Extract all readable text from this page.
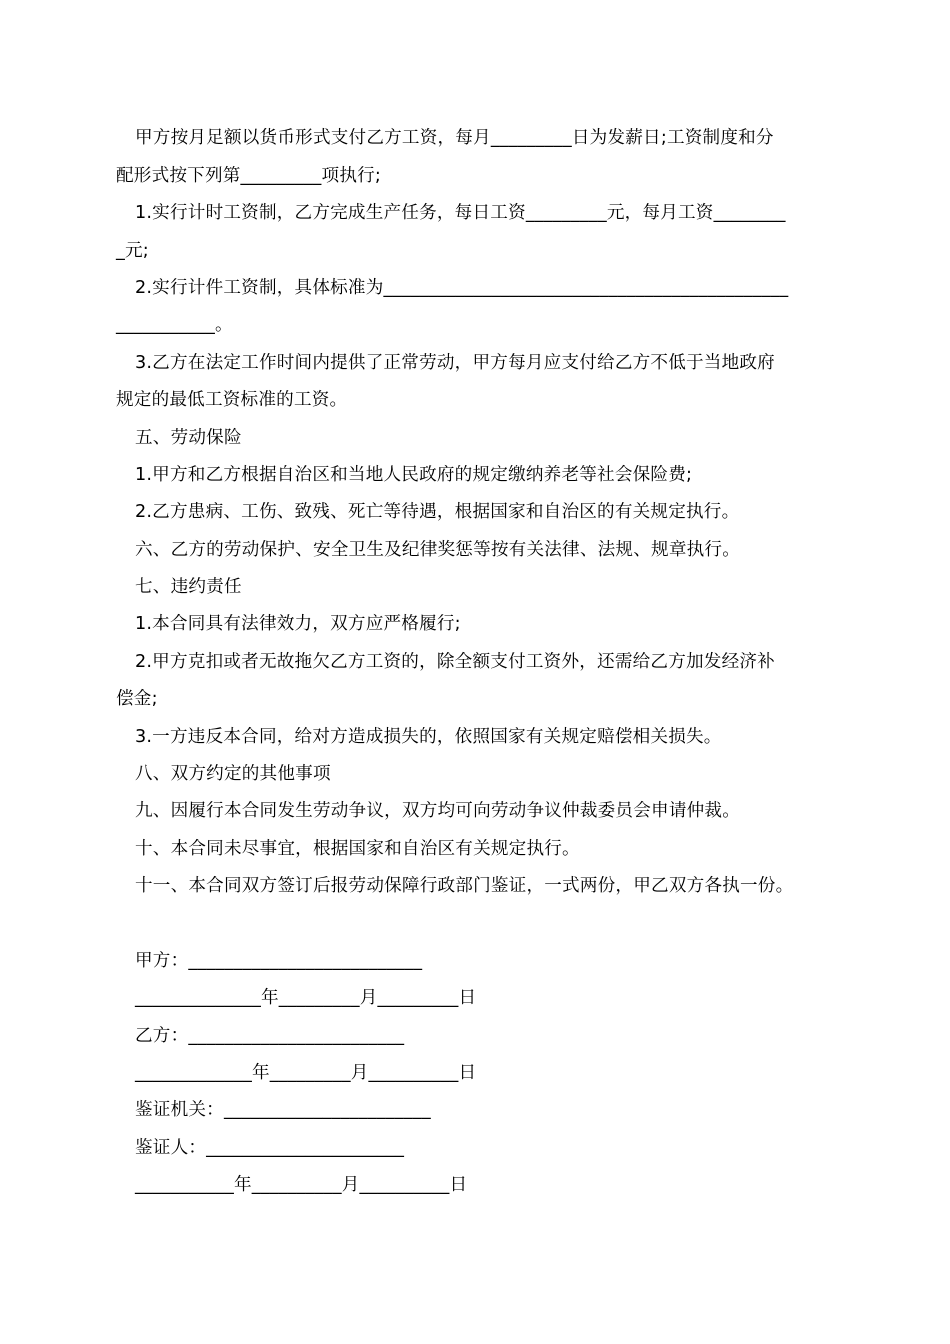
甲方按月足额以货币形式支付乙方工资，每月_________日为发薪日;工资制度和分
配形式按下列第_________项执行;
1.实行计时工资制，乙方完成生产任务，每日工资_________元，每月工资________
_元;
2.实行计件工资制，具体标准为_____________________________________________
___________。
3.乙方在法定工作时间内提供了正常劳动，甲方每月应支付给乙方不低于当地政府
规定的最低工资标准的工资。
五、劳动保险
1.甲方和乙方根据自治区和当地人民政府的规定缴纳养老等社会保险费;
2.乙方患病、工伤、致残、死亡等待遇，根据国家和自治区的有关规定执行。
六、乙方的劳动保护、安全卫生及纪律奖惩等按有关法律、法规、规章执行。
七、违约责任
1.本合同具有法律效力，双方应严格履行;
2.甲方克扣或者无故拖欠乙方工资的，除全额支付工资外，还需给乙方加发经济补
偿金;
3.一方违反本合同，给对方造成损失的，依照国家有关规定赔偿相关损失。
八、双方约定的其他事项
九、因履行本合同发生劳动争议，双方均可向劳动争议仲裁委员会申请仲裁。
十、本合同未尽事宜，根据国家和自治区有关规定执行。
十一、本合同双方签订后报劳动保障行政部门鉴证，一式两份，甲乙双方各执一份。
甲方：__________________________
______________年_________月_________日
乙方：________________________
_____________年_________月__________日
鉴证机关：_______________________
鉴证人：______________________
___________年__________月__________日
